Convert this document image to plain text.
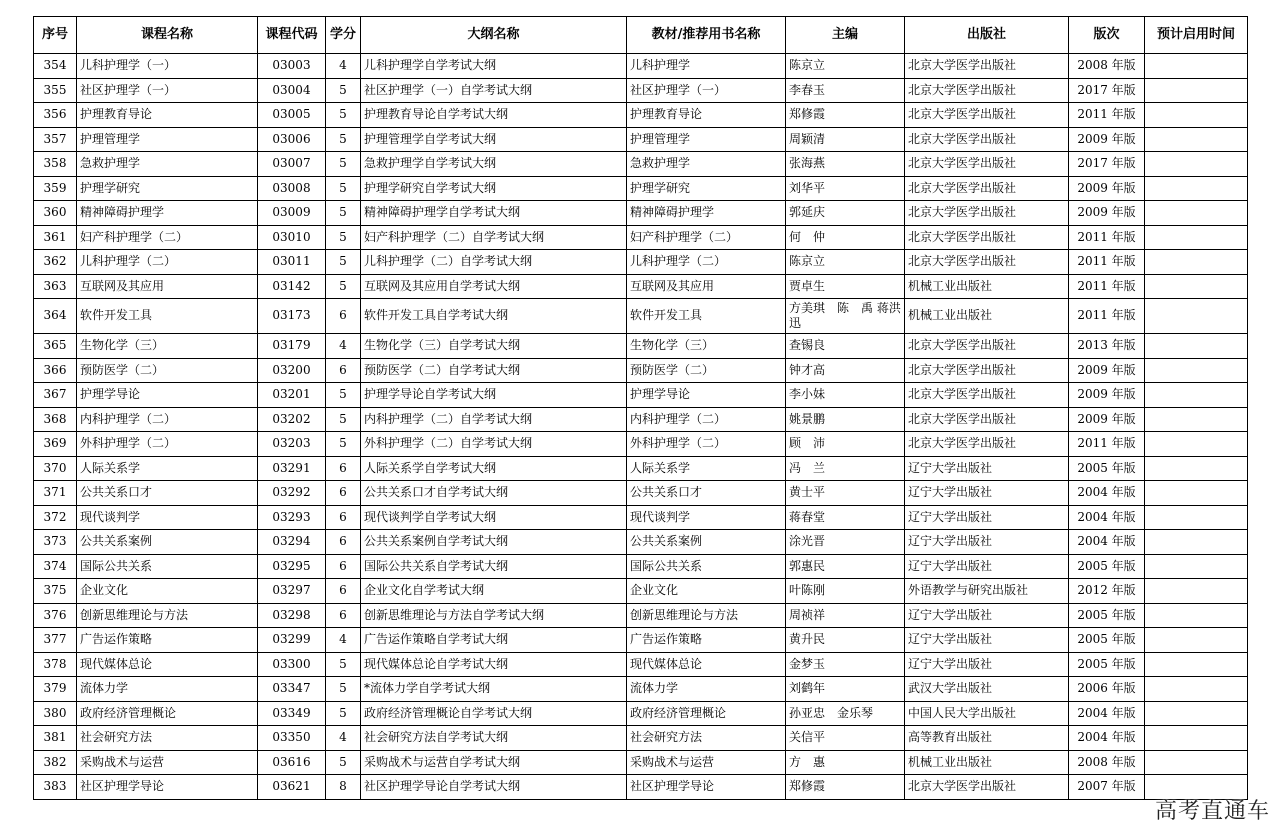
序号	课程名称	课程代码	学分	大纲名称	教材/推荐用书名称	主编	出版社	版次	预计启用时间
354	儿科护理学（一）	03003	4	儿科护理学自学考试大纲	儿科护理学	陈京立	北京大学医学出版社	2008 年版	
355	社区护理学（一）	03004	5	社区护理学（一）自学考试大纲	社区护理学（一）	李春玉	北京大学医学出版社	2017 年版	
356	护理教育导论	03005	5	护理教育导论自学考试大纲	护理教育导论	郑修霞	北京大学医学出版社	2011 年版	
357	护理管理学	03006	5	护理管理学自学考试大纲	护理管理学	周颖清	北京大学医学出版社	2009 年版	
358	急救护理学	03007	5	急救护理学自学考试大纲	急救护理学	张海燕	北京大学医学出版社	2017 年版	
359	护理学研究	03008	5	护理学研究自学考试大纲	护理学研究	刘华平	北京大学医学出版社	2009 年版	
360	精神障碍护理学	03009	5	精神障碍护理学自学考试大纲	精神障碍护理学	郭延庆	北京大学医学出版社	2009 年版	
361	妇产科护理学（二）	03010	5	妇产科护理学（二）自学考试大纲	妇产科护理学（二）	何　仲	北京大学医学出版社	2011 年版	
362	儿科护理学（二）	03011	5	儿科护理学（二）自学考试大纲	儿科护理学（二）	陈京立	北京大学医学出版社	2011 年版	
363	互联网及其应用	03142	5	互联网及其应用自学考试大纲	互联网及其应用	贾卓生	机械工业出版社	2011 年版	
364	软件开发工具	03173	6	软件开发工具自学考试大纲	软件开发工具	方美琪　陈　禹 蒋洪迅	机械工业出版社	2011 年版	
365	生物化学（三）	03179	4	生物化学（三）自学考试大纲	生物化学（三）	查锡良	北京大学医学出版社	2013 年版	
366	预防医学（二）	03200	6	预防医学（二）自学考试大纲	预防医学（二）	钟才高	北京大学医学出版社	2009 年版	
367	护理学导论	03201	5	护理学导论自学考试大纲	护理学导论	李小妹	北京大学医学出版社	2009 年版	
368	内科护理学（二）	03202	5	内科护理学（二）自学考试大纲	内科护理学（二）	姚景鹏	北京大学医学出版社	2009 年版	
369	外科护理学（二）	03203	5	外科护理学（二）自学考试大纲	外科护理学（二）	顾　沛	北京大学医学出版社	2011 年版	
370	人际关系学	03291	6	人际关系学自学考试大纲	人际关系学	冯　兰	辽宁大学出版社	2005 年版	
371	公共关系口才	03292	6	公共关系口才自学考试大纲	公共关系口才	黄士平	辽宁大学出版社	2004 年版	
372	现代谈判学	03293	6	现代谈判学自学考试大纲	现代谈判学	蒋春堂	辽宁大学出版社	2004 年版	
373	公共关系案例	03294	6	公共关系案例自学考试大纲	公共关系案例	涂光晋	辽宁大学出版社	2004 年版	
374	国际公共关系	03295	6	国际公共关系自学考试大纲	国际公共关系	郭惠民	辽宁大学出版社	2005 年版	
375	企业文化	03297	6	企业文化自学考试大纲	企业文化	叶陈刚	外语教学与研究出版社	2012 年版	
376	创新思维理论与方法	03298	6	创新思维理论与方法自学考试大纲	创新思维理论与方法	周祯祥	辽宁大学出版社	2005 年版	
377	广告运作策略	03299	4	广告运作策略自学考试大纲	广告运作策略	黄升民	辽宁大学出版社	2005 年版	
378	现代媒体总论	03300	5	现代媒体总论自学考试大纲	现代媒体总论	金梦玉	辽宁大学出版社	2005 年版	
379	流体力学	03347	5	*流体力学自学考试大纲	流体力学	刘鹤年	武汉大学出版社	2006 年版	
380	政府经济管理概论	03349	5	政府经济管理概论自学考试大纲	政府经济管理概论	孙亚忠　金乐琴	中国人民大学出版社	2004 年版	
381	社会研究方法	03350	4	社会研究方法自学考试大纲	社会研究方法	关信平	高等教育出版社	2004 年版	
382	采购战术与运营	03616	5	采购战术与运营自学考试大纲	采购战术与运营	方　惠	机械工业出版社	2008 年版	
383	社区护理学导论	03621	8	社区护理学导论自学考试大纲	社区护理学导论	郑修霞	北京大学医学出版社	2007 年版	
高考直通车
